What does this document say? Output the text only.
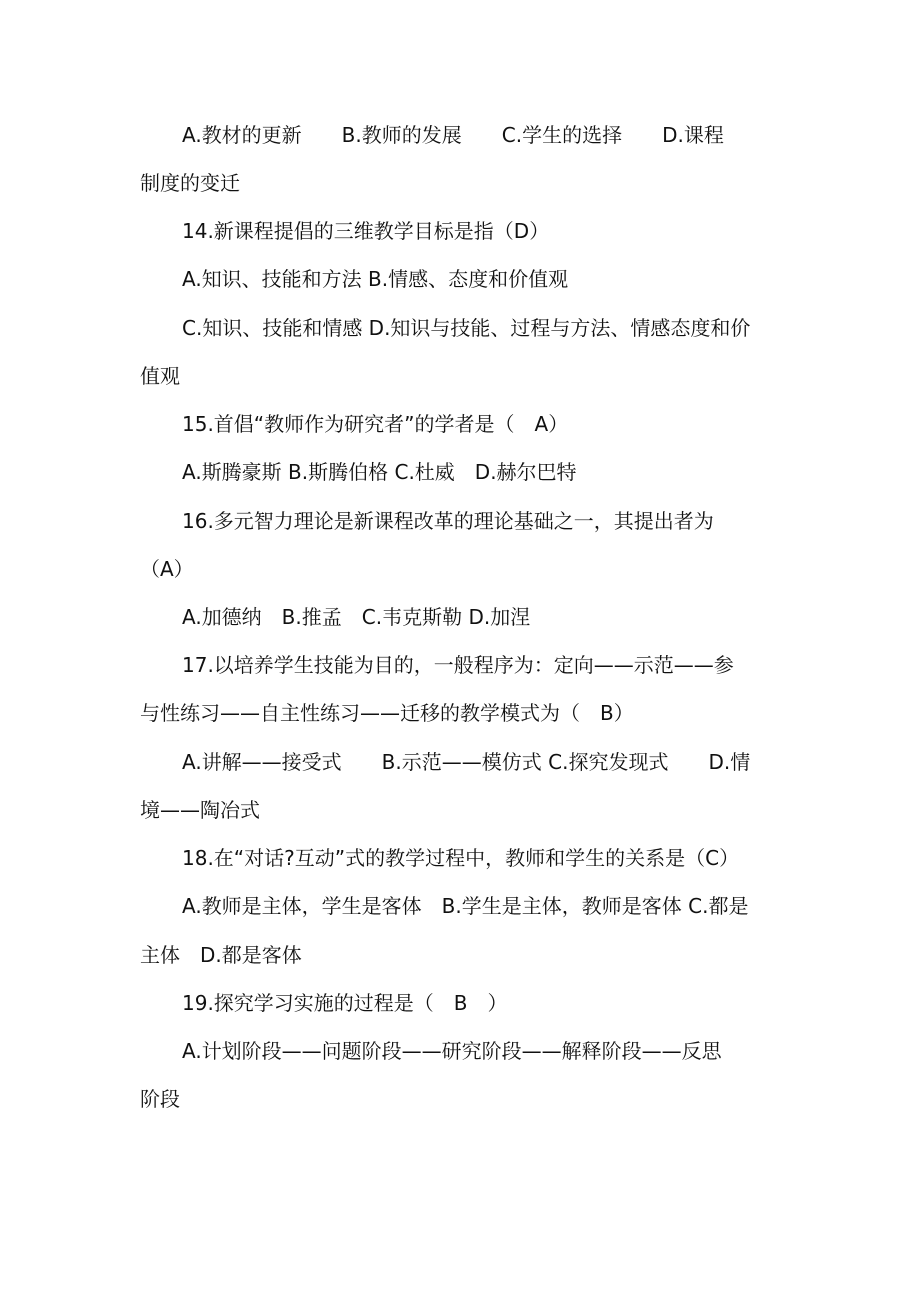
A.教材的更新　　B.教师的发展　　C.学生的选择　　D.课程
制度的变迁
14.新课程提倡的三维教学目标是指（D）
A.知识、技能和方法 B.情感、态度和价值观
C.知识、技能和情感 D.知识与技能、过程与方法、情感态度和价
值观
15.首倡“教师作为研究者”的学者是（　A）
A.斯腾豪斯 B.斯腾伯格 C.杜威　D.赫尔巴特
16.多元智力理论是新课程改革的理论基础之一，其提出者为
（A）
A.加德纳　B.推孟　C.韦克斯勒 D.加涅
17.以培养学生技能为目的，一般程序为：定向——示范——参
与性练习——自主性练习——迁移的教学模式为（　B）
A.讲解——接受式　　B.示范——模仿式 C.探究发现式　　D.情
境——陶冶式
18.在“对话?互动”式的教学过程中，教师和学生的关系是（C）
A.教师是主体，学生是客体　B.学生是主体，教师是客体 C.都是
主体　D.都是客体
19.探究学习实施的过程是（　B　）
A.计划阶段——问题阶段——研究阶段——解释阶段——反思
阶段
